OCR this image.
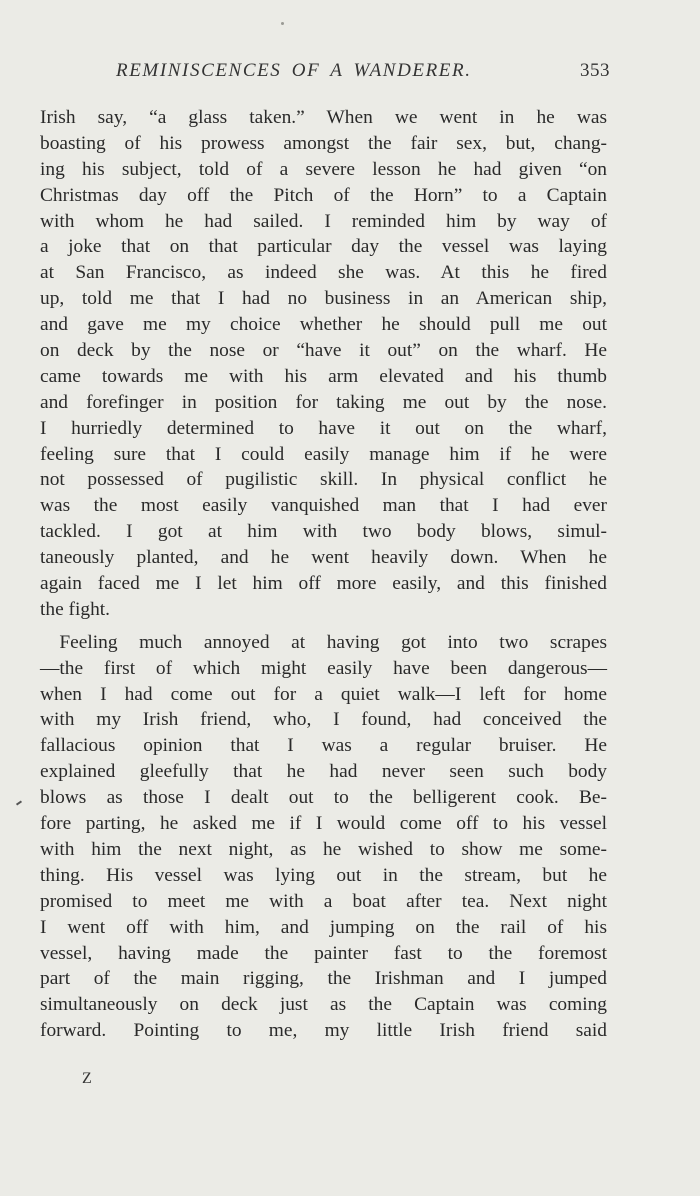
REMINISCENCES OF A WANDERER.	353
Irish say, “a glass taken.” When we went in he was
boasting of his prowess amongst the fair sex, but, chang-
ing his subject, told of a severe lesson he had given “on
Christmas day off the Pitch of the Horn” to a Captain
with whom he had sailed. I reminded him by way of
a joke that on that particular day the vessel was laying
at San Francisco, as indeed she was. At this he fired
up, told me that I had no business in an American ship,
and gave me my choice whether he should pull me out
on deck by the nose or “have it out” on the wharf. He
came towards me with his arm elevated and his thumb
and forefinger in position for taking me out by the nose.
I hurriedly determined to have it out on the wharf,
feeling sure that I could easily manage him if he were
not possessed of pugilistic skill. In physical conflict he
was the most easily vanquished man that I had ever
tackled. I got at him with two body blows, simul-
taneously planted, and he went heavily down. When he
again faced me I let him off more easily, and this finished
the fight.
 Feeling much annoyed at having got into two scrapes
—the first of which might easily have been dangerous—
when I had come out for a quiet walk—I left for home
with my Irish friend, who, I found, had conceived the
fallacious opinion that I was a regular bruiser. He
explained gleefully that he had never seen such body
blows as those I dealt out to the belligerent cook. Be-
fore parting, he asked me if I would come off to his vessel
with him the next night, as he wished to show me some-
thing. His vessel was lying out in the stream, but he
promised to meet me with a boat after tea. Next night
I went off with him, and jumping on the rail of his
vessel, having made the painter fast to the foremost
part of the main rigging, the Irishman and I jumped
simultaneously on deck just as the Captain was coming
forward. Pointing to me, my little Irish friend said
Z
